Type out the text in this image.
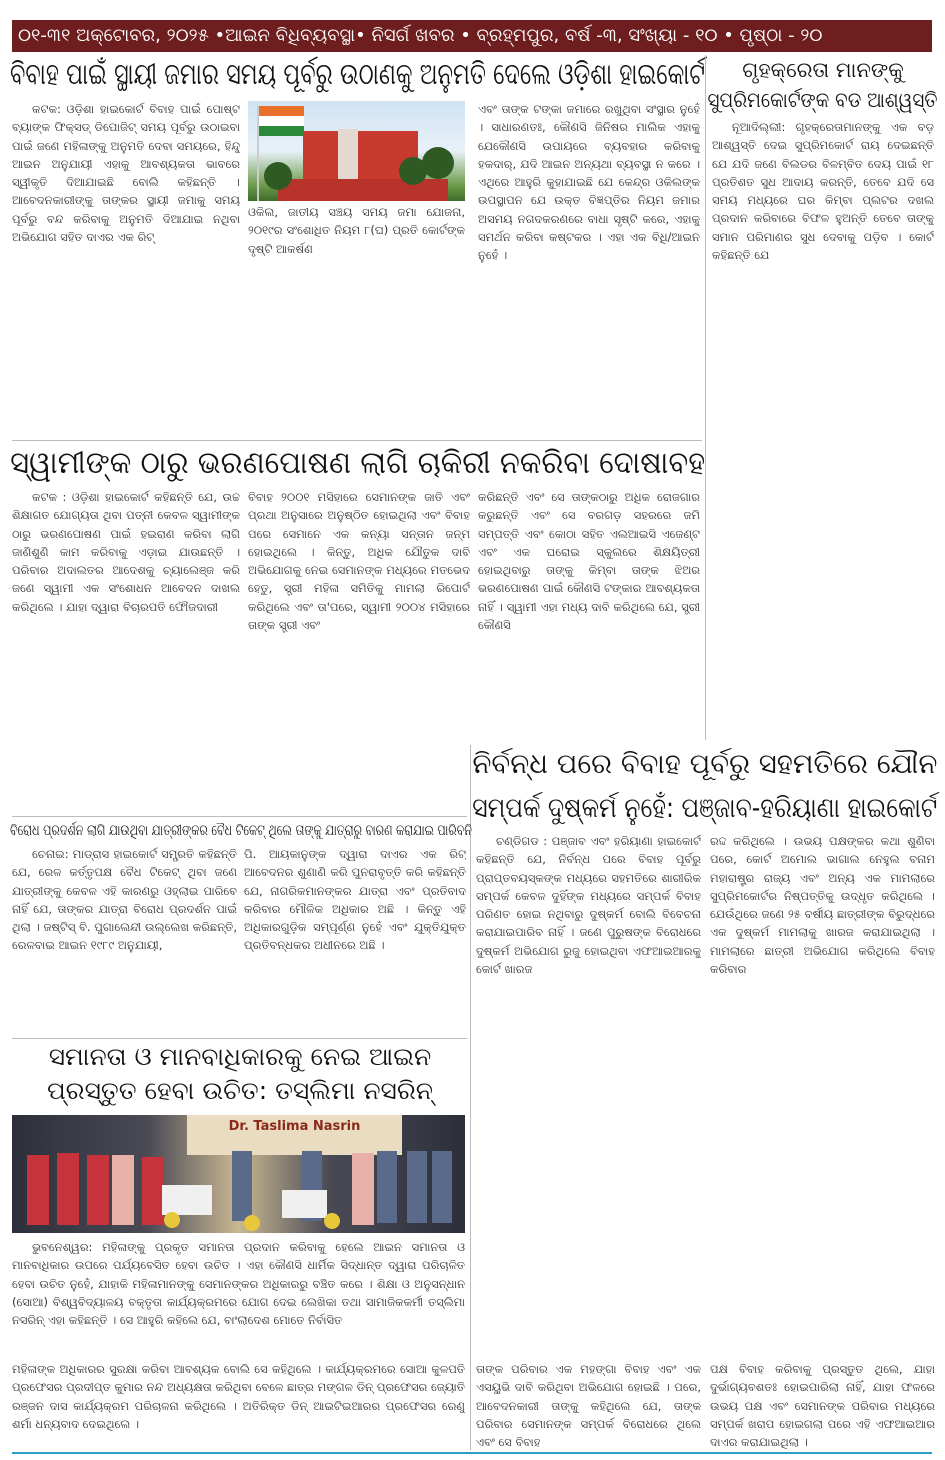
୦୧-୩୧ ଅକ୍ଟୋବର, ୨୦୨୫ •ଆଇନ ବିଧିବ୍ୟବସ୍ଥା• ନିସର୍ଗ ଖବର • ବ୍ରହ୍ମପୁର, ବର୍ଷ -୩, ସଂଖ୍ୟା - ୧୦ • ପୃଷ୍ଠା - ୨୦
ବିବାହ ପାଇଁ ସ୍ଥାୟୀ ଜମାର ସମୟ ପୂର୍ବରୁ ଉଠାଣକୁ ଅନୁମତି ଦେଲେ ଓଡ଼ିଶା ହାଇକୋର୍ଟ

କଟକ: ଓଡ଼ିଶା ହାଇକୋର୍ଟ ବିବାହ ପାଇଁ ପୋଷ୍ଟ ବ୍ୟାଙ୍କ ଫିକ୍ସଡ୍ ଡିପୋଜିଟ୍ ସମୟ ପୂର୍ବରୁ ଉଠାଇବା ପାଇଁ ଜଣେ ମହିଳାଙ୍କୁ ଅନୁମତି ଦେବା ସମୟରେ, ହିନ୍ଦୁ ଆଇନ ଅନୁଯାୟୀ ଏହାକୁ ଆବଶ୍ୟକତା ଭାବରେ ସ୍ୱୀକୃତି ଦିଆଯାଇଛି ବୋଲି କହିଛନ୍ତି । ଆବେଦନକାରୀଙ୍କୁ ତାଙ୍କର ସ୍ଥାୟୀ ଜମାକୁ ସମୟ ପୂର୍ବରୁ ବନ୍ଦ କରିବାକୁ ଅନୁମତି ଦିଆଯାଇ ନଥିବା ଅଭିଯୋଗ ସହିତ ଦାଏର ଏକ ରିଟ୍

ଓକିଲ, ଜାତୀୟ ସଞ୍ଚୟ ସମୟ ଜମା ଯୋଜନା, ୨୦୧୯ର ସଂଶୋଧିତ ନିୟମ ୮(ଘ) ପ୍ରତି କୋର୍ଟଙ୍କ ଦୃଷ୍ଟି ଆକର୍ଷଣ

ଏବଂ ତାଙ୍କ ଟଙ୍କା ଜମାରେ ରଖୁଥିବା ସଂସ୍ଥାର ନୁହେଁ । ସାଧାରଣତଃ, କୌଣସି ଜିନିଷର ମାଲିକ ଏହାକୁ ଯେକୌଣସି ଉପାୟରେ ବ୍ୟବହାର କରିବାକୁ ହକଦାର୍, ଯଦି ଆଇନ ଅନ୍ୟଥା ବ୍ୟବସ୍ଥା ନ କରେ । ଏଥିରେ ଆହୁରି କୁହାଯାଇଛି ଯେ କେନ୍ଦ୍ର ଓକିଲଙ୍କ ଉପସ୍ଥାପନ ଯେ ଉକ୍ତ ବିଜ୍ଞପ୍ତିର ନିୟମ ଜମାର ଅସମୟ ନଗଦକରଣରେ ବାଧା ସୃଷ୍ଟି କରେ, ଏହାକୁ ସମର୍ଥନ କରିବା କଷ୍ଟକର । ଏହା ଏକ ବିଧି/ଆଇନ ନୁହେଁ ।

ଗୃହକ୍ରେତା ମାନଙ୍କୁ
ସୁପ୍ରିମକୋର୍ଟଙ୍କ ବଡ ଆଶ୍ୱସ୍ତି

ନୂଆଦିଲ୍ଲୀ: ଗୃହକ୍ରେତାମାନଙ୍କୁ ଏକ ବଡ଼ ଆଶ୍ୱସ୍ତି ଦେଇ ସୁପ୍ରିମକୋର୍ଟ ରାୟ ଦେଇଛନ୍ତି ଯେ ଯଦି ଜଣେ ବିଲଡର ବିଳମ୍ବିତ ଦେୟ ପାଇଁ ୧୮ ପ୍ରତିଶତ ସୁଧ ଆଦାୟ କରନ୍ତି, ତେବେ ଯଦି ସେ ସମୟ ମଧ୍ୟରେ ଘର କିମ୍ବା ପ୍ଲଟର ଦଖଲ ପ୍ରଦାନ କରିବାରେ ବିଫଳ ହୁଅନ୍ତି ତେବେ ତାଙ୍କୁ ସମାନ ପରିମାଣର ସୁଧ ଦେବାକୁ ପଡ଼ିବ । କୋର୍ଟ କହିଛନ୍ତି ଯେ

ସ୍ୱାମୀଙ୍କ ଠାରୁ ଭରଣପୋଷଣ ଲାଗି ଚାକିରୀ ନକରିବା ଦୋଷାବହ

କଟକ : ଓଡ଼ିଶା ହାଇକୋର୍ଟ କହିଛନ୍ତି ଯେ, ଉଚ୍ଚ ଶିକ୍ଷାଗତ ଯୋଗ୍ୟତା ଥିବା ପତ୍ନୀ କେବଳ ସ୍ୱାମୀଙ୍କ ଠାରୁ ଭରଣପୋଷଣ ପାଇଁ ହଇରାଣ କରିବା ଲାଗି ଜାଣିଶୁଣି କାମ କରିବାକୁ ଏଡ଼ାଇ ଯାଉଛନ୍ତି । ପରିବାର ଅଦାଲତର ଆଦେଶକୁ ଚ୍ୟାଲେଞ୍ଜ କରି ଜଣେ ସ୍ୱାମୀ ଏକ ସଂଶୋଧନ ଆବେଦନ ଦାଖଲ କରିଥିଲେ । ଯାହା ଦ୍ୱାରା ବିଚାରପତି ଫୌଜଦାରୀ

ବିବାହ ୨୦୦୧ ମସିହାରେ ସେମାନଙ୍କ ଜାତି ଏବଂ ପ୍ରଥା ଅନୁସାରେ ଅନୁଷ୍ଠିତ ହୋଇଥିଲା ଏବଂ ବିବାହ ପରେ ସେମାନେ ଏକ କନ୍ୟା ସନ୍ତାନ ଜନ୍ମ ହୋଇଥିଲେ । କିନ୍ତୁ, ଅଧିକ ଯୌତୁକ ଦାବି ଅଭିଯୋଗକୁ ନେଇ ସେମାନଙ୍କ ମଧ୍ୟରେ ମତଭେଦ ହେତୁ, ସ୍ତ୍ରୀ ମହିଳା ସମିତିକୁ ମାମଲା ରିପୋର୍ଟ କରିଥିଲେ ଏବଂ ତା'ପରେ, ସ୍ୱାମୀ ୨୦୦୪ ମସିହାରେ ତାଙ୍କ ସ୍ତ୍ରୀ ଏବଂ

କରିଛନ୍ତି ଏବଂ ସେ ତାଙ୍କଠାରୁ ଅଧିକ ରୋଜଗାର କରୁଛନ୍ତି ଏବଂ ସେ ବରଗଡ଼ ସହରରେ ଜମି ସମ୍ପତ୍ତି ଏବଂ କୋଠା ସହିତ ଏଲଆଇସି ଏଜେଣ୍ଟ ଏବଂ ଏକ ଘରୋଇ ସ୍କୁଲରେ ଶିକ୍ଷୟିତ୍ରୀ ହୋଇଥିବାରୁ ତାଙ୍କୁ କିମ୍ବା ତାଙ୍କ ଝିଅର ଭରଣପୋଷଣ ପାଇଁ କୌଣସି ଟଙ୍କାର ଆବଶ୍ୟକତା ନାହିଁ । ସ୍ୱାମୀ ଏହା ମଧ୍ୟ ଦାବି କରିଥିଲେ ଯେ, ସ୍ତ୍ରୀ କୌଣସି

ନିର୍ବନ୍ଧ ପରେ ବିବାହ ପୂର୍ବରୁ ସହମତିରେ ଯୌନ
ସମ୍ପର୍କ ଦୁଷ୍କର୍ମ ନୁହେଁ: ପଞ୍ଜାବ-ହରିୟାଣା ହାଇକୋର୍ଟ

ଚଣ୍ଡିଗଡ : ପଞ୍ଜାବ ଏବଂ ହରିୟାଣା ହାଇକୋର୍ଟ କହିଛନ୍ତି ଯେ, ନିର୍ବନ୍ଧ ପରେ ବିବାହ ପୂର୍ବରୁ ପ୍ରାପ୍ତବୟସ୍କଙ୍କ ମଧ୍ୟରେ ସହମତିରେ ଶାରୀରିକ ସମ୍ପର୍କ କେବଳ ଦୁହିଁଙ୍କ ମଧ୍ୟରେ ସମ୍ପର୍କ ବିବାହ ପରିଣତ ହୋଇ ନଥିବାରୁ ଦୁଷ୍କର୍ମ ବୋଲି ବିବେଚନା କରାଯାଇପାରିବ ନାହିଁ । ଜଣେ ପୁରୁଷଙ୍କ ବିରୋଧରେ ଦୁଷ୍କର୍ମ ଅଭିଯୋଗ ରୁଜୁ ହୋଇଥିବା ଏଫଆଇଆରକୁ କୋର୍ଟ ଖାରଜ

ତାଙ୍କ ପରିବାର ଏକ ମହଙ୍ଗା ବିବାହ ଏବଂ ଏକ ଏସୟୁଭି ଦାବି କରିଥିବା ଅଭିଯୋଗ ହୋଇଛି । ପରେ, ଆବେଦନକାରୀ ତାଙ୍କୁ କହିଥିଲେ ଯେ, ତାଙ୍କ ପରିବାର ସେମାନଙ୍କ ସମ୍ପର୍କ ବିରୋଧରେ ଥିଲେ ଏବଂ ସେ ବିବାହ

ରଦ୍ଦ କରିଥିଲେ । ଉଭୟ ପକ୍ଷଙ୍କର କଥା ଶୁଣିବା ପରେ, କୋର୍ଟ ଅମୋଲ ଭାଗାଲ ନେହୁଲ ବନାମ ମହାରାଷ୍ଟ୍ର ରାଜ୍ୟ ଏବଂ ଅନ୍ୟ ଏକ ମାମଲାରେ ସୁପ୍ରିମକୋର୍ଟର ନିଷ୍ପତ୍ତିକୁ ଉଦ୍ଧୃତ କରିଥିଲେ । ଯେଉଁଥିରେ ଜଣେ ୨୫ ବର୍ଷୀୟ ଛାତ୍ରୀଙ୍କ ବିରୁଦ୍ଧରେ ଏକ ଦୁଷ୍କର୍ମ ମାମଲାକୁ ଖାରଜ କରାଯାଇଥିଲା । ମାମଲାରେ ଛାତ୍ରୀ ଅଭିଯୋଗ କରିଥିଲେ ବିବାହ କରିବାର

ପକ୍ଷ ବିବାହ କରିବାକୁ ପ୍ରସ୍ତୁତ ଥିଲେ, ଯାହା ଦୁର୍ଭାଗ୍ୟବଶତଃ ହୋଇପାରିଲା ନାହିଁ, ଯାହା ଫଳରେ ଉଭୟ ପକ୍ଷ ଏବଂ ସେମାନଙ୍କ ପରିବାର ମଧ୍ୟରେ ସମ୍ପର୍କ ଖରାପ ହୋଇଗଲା ପରେ ଏହି ଏଫଆଇଆର ଦାଏର କରାଯାଇଥିଲା ।

ବିରୋଧ ପ୍ରଦର୍ଶନ ଲାଗି ଯାଉଥିବା ଯାତ୍ରୀଙ୍କର ବୈଧ ଟିକେଟ୍ ଥିଲେ ତାଙ୍କୁ ଯାତ୍ରାରୁ ବାରଣ କରାଯାଇ ପାରିବନି

ଚେନାଇ: ମାଡ୍ରାସ ହାଇକୋର୍ଟ ସମ୍ପ୍ରତି କହିଛନ୍ତି ଯେ, ରେଳ କର୍ତ୍ତୃପକ୍ଷ ବୈଧ ଟିକେଟ୍ ଥିବା ଜଣେ ଯାତ୍ରୀଙ୍କୁ କେବଳ ଏହି କାରଣରୁ ଓହ୍ଲାଇ ପାରିବେ ନାହିଁ ଯେ, ତାଙ୍କର ଯାତ୍ରା ବିରୋଧ ପ୍ରଦର୍ଶନ ପାଇଁ ଥିଲା । ଜଷ୍ଟିସ୍ ବି. ପୁଗାଲେନ୍ଦୀ ଉଲ୍ଲେଖ କରିଛନ୍ତି, ରେଳବାଇ ଆଇନ ୧୯୮୯ ଅନୁଯାୟୀ,

ପି. ଆୟକାନୁଙ୍କ ଦ୍ୱାରା ଦାଏର ଏକ ରିଟ୍ ଆବେଦନର ଶୁଣାଣି କରି ପୁନରାବୃତ୍ତି କରି କହିଛନ୍ତି ଯେ, ନାଗରିକମାନଙ୍କର ଯାତ୍ରା ଏବଂ ପ୍ରତିବାଦ କରିବାର ମୌଳିକ ଅଧିକାର ଅଛି । କିନ୍ତୁ ଏହି ଅଧିକାରଗୁଡ଼ିକ ସମ୍ପୂର୍ଣ୍ଣ ନୁହେଁ ଏବଂ ଯୁକ୍ତିଯୁକ୍ତ ପ୍ରତିବନ୍ଧକର ଅଧୀନରେ ଅଛି ।

ସମାନତା ଓ ମାନବାଧିକାରକୁ ନେଇ ଆଇନ
ପ୍ରସ୍ତୁତ ହେବା ଉଚିତ: ତସ୍‌ଲିମା ନସରିନ୍
Dr. Taslima Nasrin

ଭୁବନେଶ୍ୱର: ମହିଳାଙ୍କୁ ପ୍ରକୃତ ସମାନତା ପ୍ରଦାନ କରିବାକୁ ହେଲେ ଆଇନ ସମାନତା ଓ ମାନବାଧିକାର ଉପରେ ପର୍ଯ୍ୟବେସିତ ହେବା ଉଚିତ । ଏହା କୌଣସି ଧାର୍ମିକ ସିଦ୍ଧାନ୍ତ ଦ୍ୱାରା ପରିଚାଳିତ ହେବା ଉଚିତ ନୁହେଁ, ଯାହାକି ମହିଳାମାନଙ୍କୁ ସେମାନଙ୍କର ଅଧିକାରରୁ ବଞ୍ଚିତ କରେ । ଶିକ୍ଷା ଓ ଅନୁସନ୍ଧାନ (ସୋଆ) ବିଶ୍ୱବିଦ୍ୟାଳୟ ବକ୍ତୃତା କାର୍ଯ୍ୟକ୍ରମରେ ଯୋଗ ଦେଇ ଲେଖିକା ତଥା ସାମାଜିକକର୍ମୀ ତସ୍‌ଲିମା ନସରିନ୍ ଏହା କହିଛନ୍ତି । ସେ ଆହୁରି କହିଲେ ଯେ, ବାଂଲାଦେଶ ମୋତେ ନିର୍ବାସିତ

ମହିଳାଙ୍କ ଅଧିକାରର ସୁରକ୍ଷା କରିବା ଆବଶ୍ୟକ ବୋଲି ସେ କହିଥିଲେ । କାର୍ଯ୍ୟକ୍ରମରେ ସୋଆ କୁଳପତି ପ୍ରଫେସର ପ୍ରଦୀପ୍ତ କୁମାର ନନ୍ଦ ଅଧ୍ୟକ୍ଷତା କରିଥିବା ବେଳେ ଛାତ୍ର ମଙ୍ଗଳ ଡିନ୍ ପ୍ରଫେସର ଜ୍ୟୋତି ରଞ୍ଜନ ଦାସ କାର୍ଯ୍ୟକ୍ରମ ପରିଚାଳନା କରିଥିଲେ । ଅତିରିକ୍ତ ଡିନ୍ ଆଇଟିଇଆରର ପ୍ରଫେସର ରେଣୁ ଶର୍ମା ଧନ୍ୟବାଦ ଦେଇଥିଲେ ।
